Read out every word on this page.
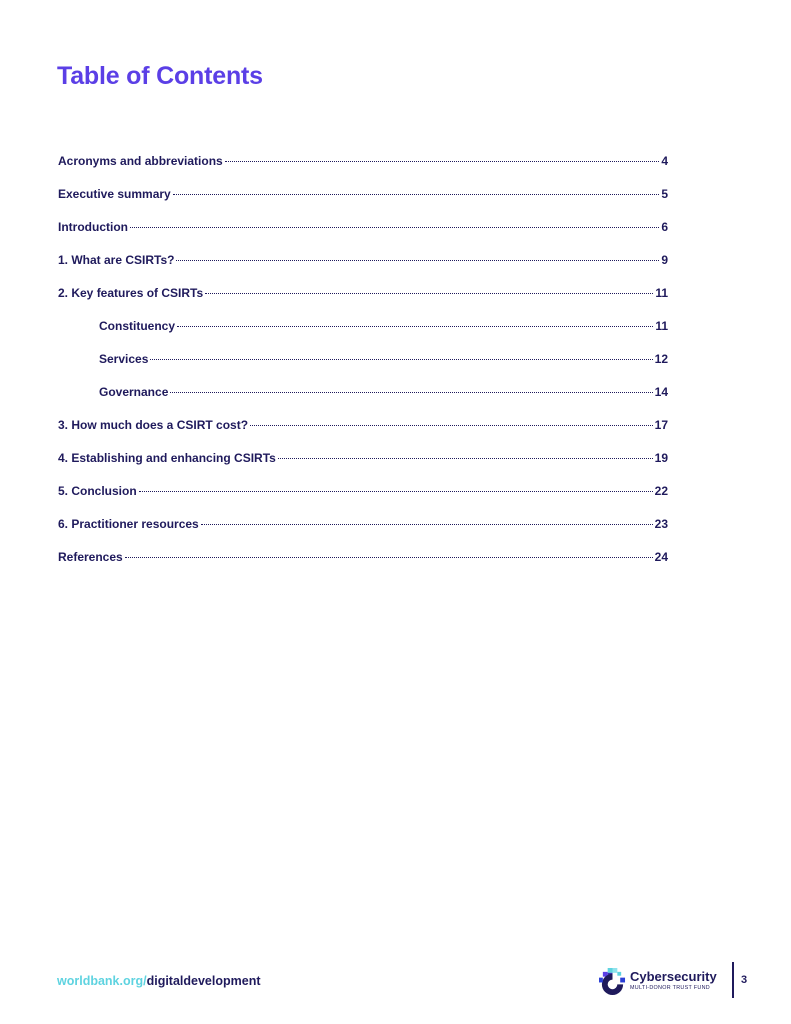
Table of Contents
Acronyms and abbreviations	4
Executive summary	5
Introduction	6
1. What are CSIRTs?	9
2. Key features of CSIRTs	11
Constituency	11
Services	12
Governance	14
3. How much does a CSIRT cost?	17
4. Establishing and enhancing CSIRTs	19
5. Conclusion	22
6. Practitioner resources	23
References	24
worldbank.org/digitaldevelopment	Cybersecurity
MULTI-DONOR TRUST FUND
3
